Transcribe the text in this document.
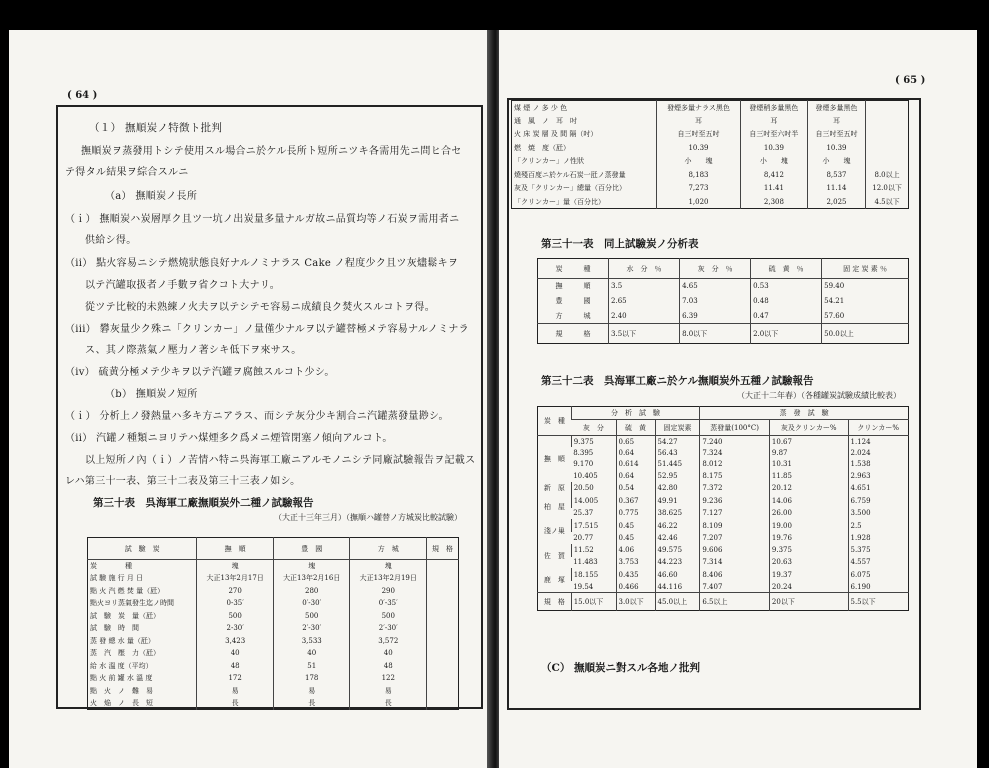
( 64 )
（１） 撫順炭ノ特徴ト批判
撫順炭ヲ蒸發用トシテ使用スル場合ニ於ケル長所ト短所ニツキ各需用先ニ問ヒ合セ
テ得タル結果ヲ綜合スルニ
（a） 撫順炭ノ長所
（ｉ） 撫順炭ハ炭層厚ク且ツ一坑ノ出炭量多量ナルガ故ニ品質均等ノ石炭ヲ需用者ニ
供給シ得。
（ii） 點火容易ニシテ燃燒狀態良好ナルノミナラス Cake ノ程度少ク且ツ灰燼鬆キヲ
以テ汽罐取扱者ノ手數ヲ省クコト大ナリ。
從ツテ比較的未熟練ノ火夫ヲ以テシテモ容易ニ成績良ク焚火スルコトヲ得。
（iii） 礬灰量少ク殊ニ「クリンカー」ノ量僅少ナルヲ以テ罐替極メテ容易ナルノミナラ
ス、其ノ際蒸氣ノ壓力ノ著シキ低下ヲ來サス。
（iv） 硫黄分極メテ少キヲ以テ汽罐ヲ腐蝕スルコト少シ。
（b） 撫順炭ノ短所
（ｉ） 分析上ノ發熱量ハ多キ方ニアラス、而シテ灰分少キ割合ニ汽罐蒸發量尠シ。
（ii） 汽罐ノ種類ニヨリテハ煤煙多ク爲メニ煙管閉塞ノ傾向アルコト。
以上短所ノ內（ｉ）ノ苦情ハ特ニ呉海軍工廠ニアルモノニシテ同廠試驗報告ヲ記載ス
レハ第三十一表、第三十二表及第三十三表ノ如シ。
第三十表　呉海軍工廠撫順炭外二種ノ試驗報告
（大正十三年三月）（撫順ハ罐替ノ方城炭比較試驗）
試　驗　炭	撫　順	豊　國	方　城	規　格
炭　　　　種	塊	塊	塊	
試 驗 施 行 月 日	大正13年2月17日	大正13年2月16日	大正13年2月19日	
點 火 汽 燃 焚 量（瓩）	270	280	290	
點火ヨリ蒸氣發生迄ノ時間	0‐35′	0′-30′	0′-35′	
試　驗　炭　量（瓩）	500	500	500	
試　驗　時　間	2‐30′	2′-30′	2′-30′	
蒸 發 總 水 量（瓩）	3,423	3,533	3,572	
蒸　汽　壓　力（瓩）	40	40	40	
給 水 溫 度（平均）	48	51	48	
點 火 前 罐 水 溫 度	172	178	122	
點　火　ノ　難　易	易	易	易	
火　焔　ノ　長　短	長	長	長	
( 65 )
煤 煙 ノ 多 少 色	發煙多量ナラス黑色	發煙稍多量黑色	發煙多量黑色	
通　風　ノ　耳　吋	耳	耳	耳	
火 床 炭 層 及 間 隔（吋）	自三吋至五吋	自三吋至六吋半	自三吋至五吋	
燃　焼　度（瓩）	10.39	10.39	10.39	
「クリンカー」ノ性狀	小　　塊	小　　塊	小　　塊	
燒殘百度ニ於ケル石炭一瓩ノ蒸發量	8,183	8,412	8,537	8.0以上
灰及「クリンカー」總量（百分比）	7,273	11.41	11.14	12.0以下
「クリンカー」量（百分比）	1,020	2,308	2,025	4.5以下
第三十一表　同上試驗炭ノ分析表
炭　　　種	水　分　％	灰　分　％	硫　黄　％	固 定 炭 素 ％
撫　　　順	3.5	4.65	0.53	59.40
豊　　　國	2.65	7.03	0.48	54.21
方　　　城	2.40	6.39	0.47	57.60
規　　　格	3.5以下	8.0以下	2.0以下	50.0以上
第三十二表　呉海軍工廠ニ於ケル撫順炭外五種ノ試驗報告
（大正十二年春）（各種罐炭試驗成績比較表）
炭　種	分　析　試　驗			蒸　發　試　驗		
	灰　分	硫　黄	固定炭素	蒸發量(100°C)	灰及クリンカー%	クリンカー%
撫　順	9.375	0.65	54.27	7.240	10.67	1.124
	8.395	0.64	56.43	7.324	9.87	2.024
	9.170	0.614	51.445	8.012	10.31	1.538
	10.405	0.64	52.95	8.175	11.85	2.963
新　原	20.50	0.54	42.80	7.372	20.12	4.651
柏　屋	14.005	0.367	49.91	9.236	14.06	6.759
	25.37	0.775	38.625	7.127	26.00	3.500
淺ノ巢	17.515	0.45	46.22	8.109	19.00	2.5
	20.77	0.45	42.46	7.207	19.76	1.928
佐　賀	11.52	4.06	49.575	9.606	9.375	5.375
	11.483	3.753	44.223	7.314	20.63	4.557
鹿　塚	18.155	0.435	46.60	8.406	19.37	6.075
	19.54	0.466	44.116	7.407	20.24	6.190
規　格	15.0以下	3.0以下	45.0以上	6.5以上	20以下	5.5以下
（C） 撫順炭ニ對スル各地ノ批判
